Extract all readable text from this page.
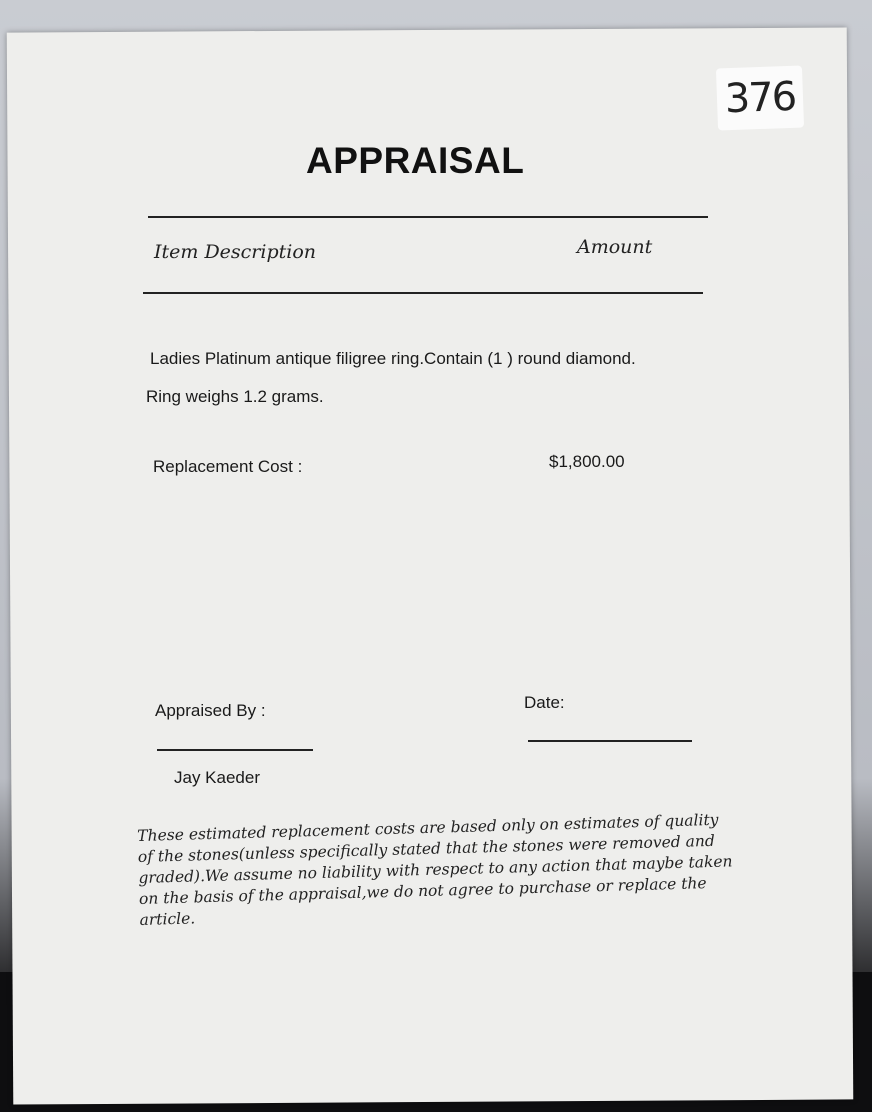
376
APPRAISAL
Item Description	Amount
Ladies Platinum antique filigree ring.Contain (1 ) round diamond.
Ring weighs 1.2 grams.
Replacement Cost :	$1,800.00
Appraised By :
Jay Kaeder
Date:
These estimated replacement costs are based only on estimates of quality of the stones(unless specifically stated that the stones were removed and graded).We assume no liability with respect to any action that maybe taken on the basis of the appraisal,we do not agree to purchase or replace the article.
